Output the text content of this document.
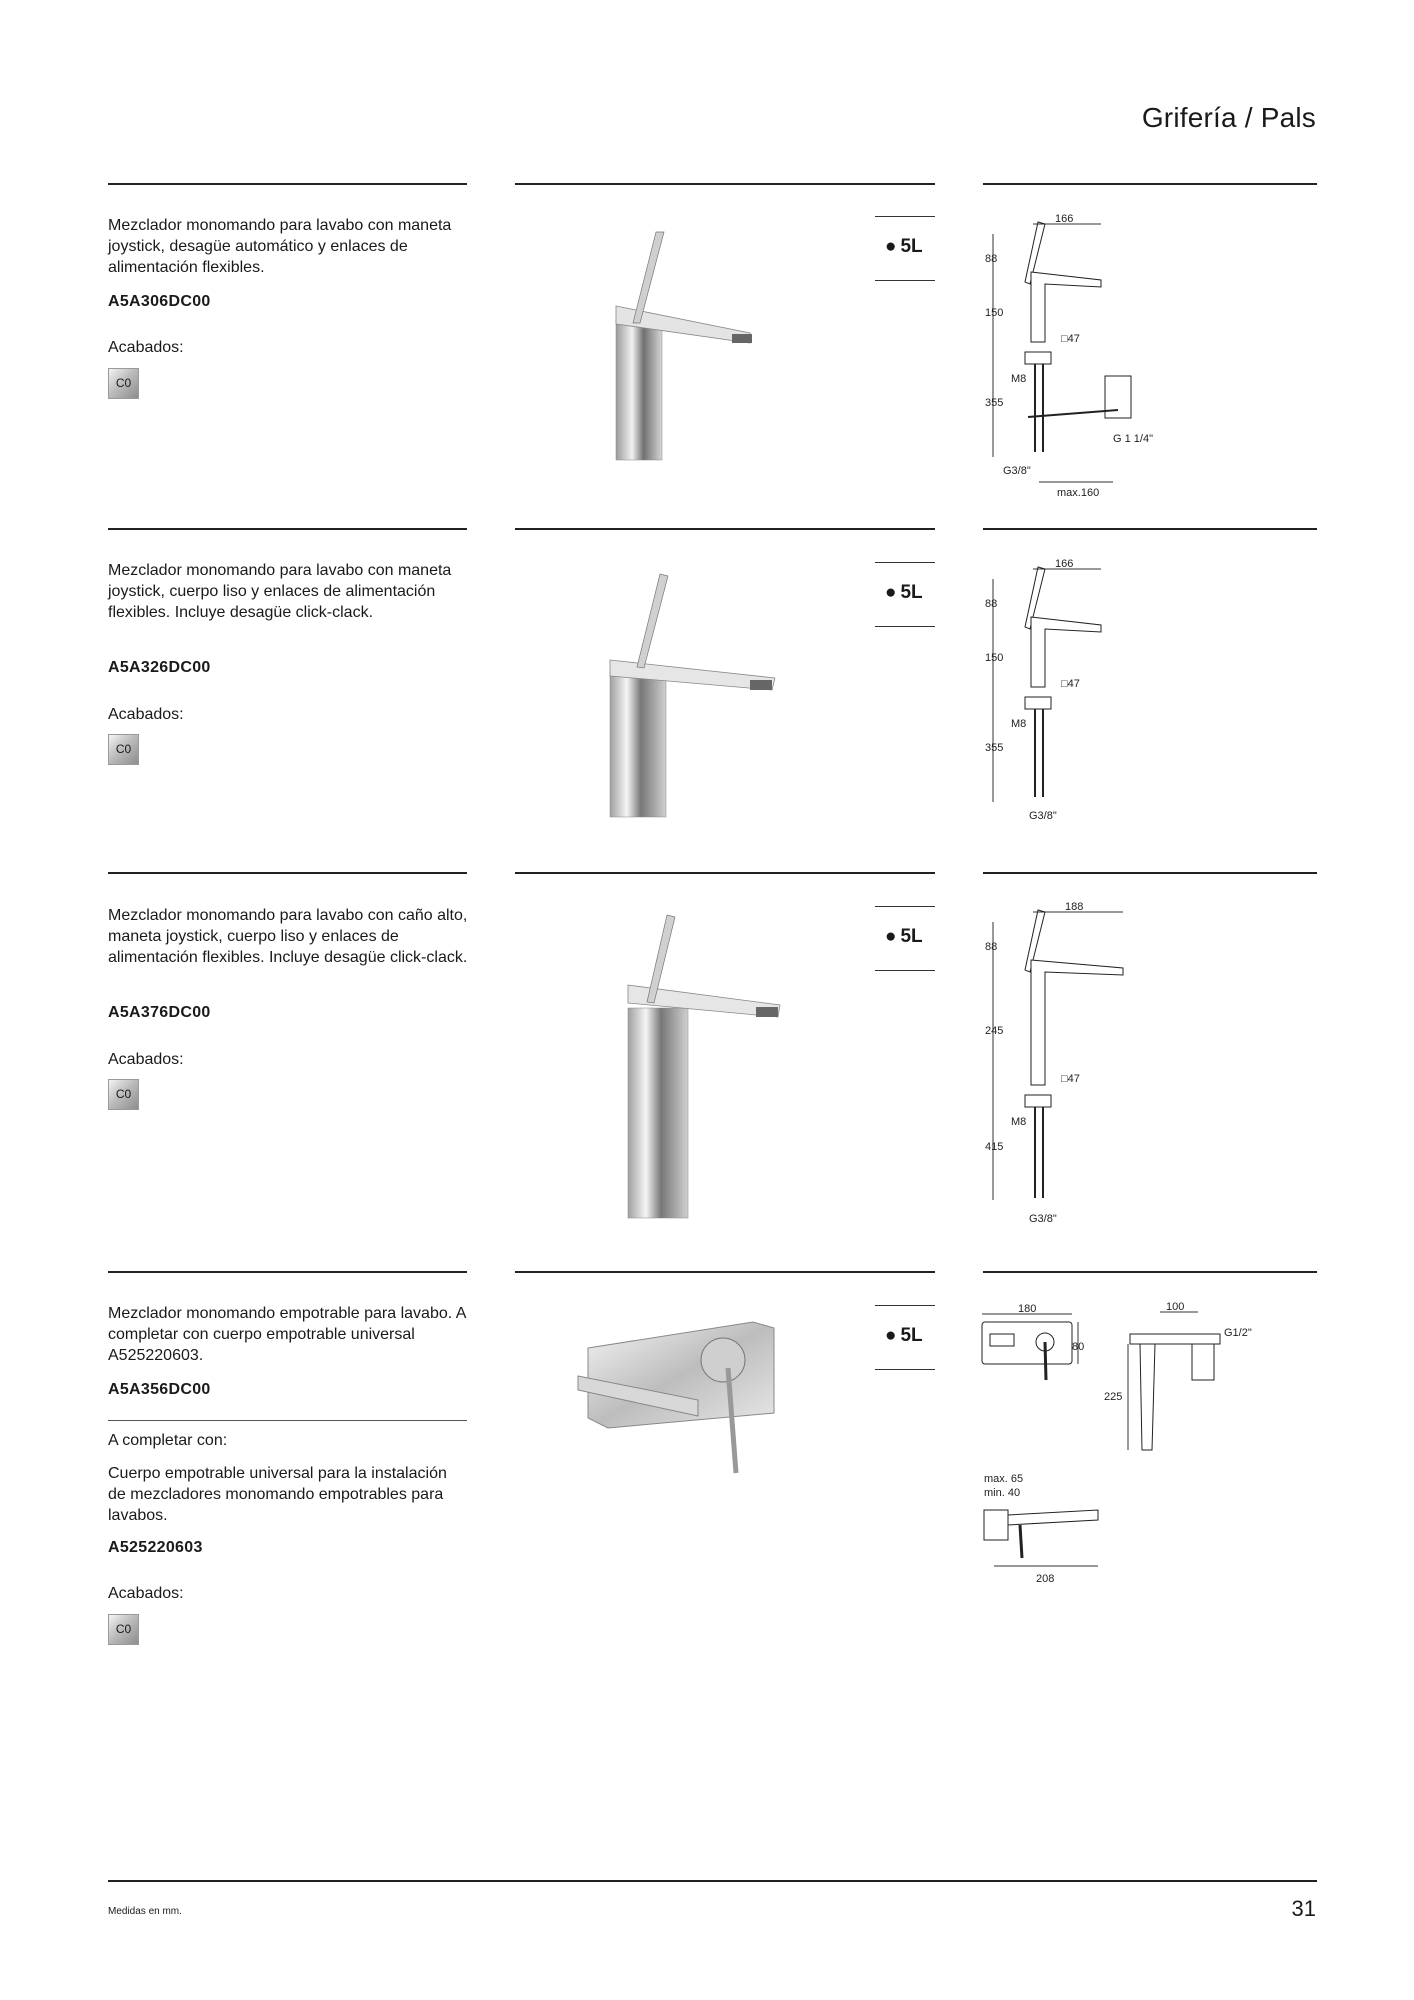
Grifería / Pals
Mezclador monomando para lavabo con maneta joystick, desagüe automático y enlaces de alimentación flexibles.
A5A306DC00
Acabados:
C0
● 5L
166
88
150
355
□47
M8
G 1 1/4"
G3/8"
max.160
Mezclador monomando para lavabo con maneta joystick, cuerpo liso y enlaces de alimentación flexibles. Incluye desagüe click-clack.
A5A326DC00
Acabados:
C0
● 5L
166
88
150
355
□47
M8
G3/8"
Mezclador monomando para lavabo con caño alto, maneta joystick, cuerpo liso y enlaces de alimentación flexibles. Incluye desagüe click-clack.
A5A376DC00
Acabados:
C0
● 5L
188
88
245
415
□47
M8
G3/8"
Mezclador monomando empotrable para lavabo. A completar con cuerpo empotrable universal A525220603.
A5A356DC00
A completar con:
Cuerpo empotrable universal para la instalación de mezcladores monomando empotrables para lavabos.
A525220603
Acabados:
C0
● 5L
180
80
100
G1/2"
225
max. 65
min. 40
208
Medidas en mm.	31
